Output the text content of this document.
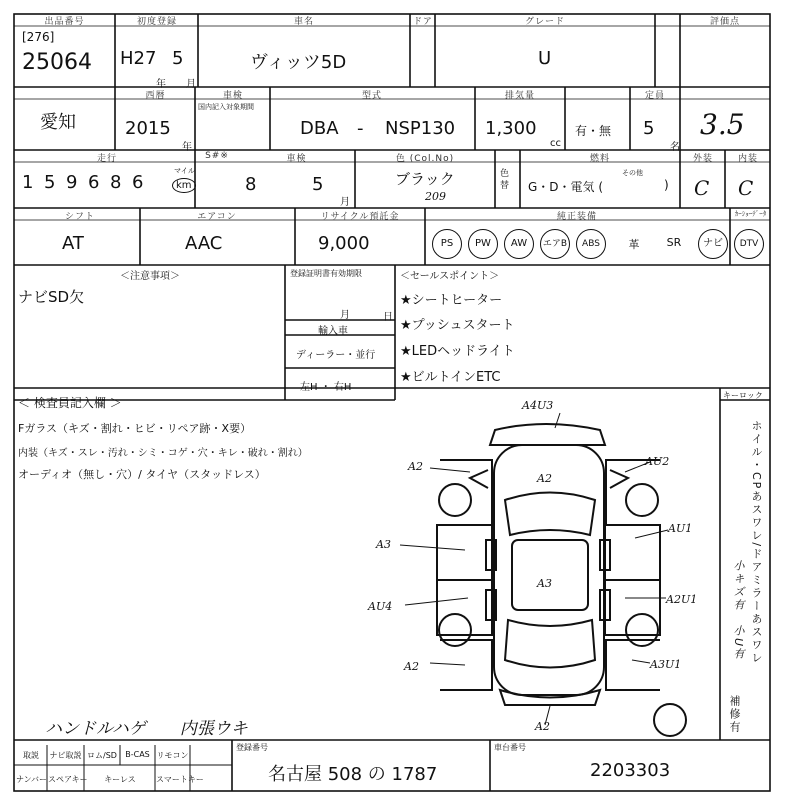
出品番号
[276]
25064
初度登録
H27 5
年 月
車名
ヴィッツ5D
ドア	グレード
U
評価点
愛知
西暦
2015
年
車検
国内記入対象期間
型式
DBA - NSP130
排気量
1,300
cc
有・無
定員
5
名
3.5
走行
1 5 9 6 8 6
マイル
km
S#※	車検
8	5
月
色 (Col.No)
ブラック
209
色替
燃料
G・D・電気 (
その他
)
外装	内装
C C
シフト
AT
エアコン
AAC
リサイクル預託金
9,000
純正装備	ｶｰｼｮｰﾃﾞｰﾀ
PS	PW	AW	エアB	ABS	革	SR	ナビ	DTV
＜注意事項＞
ナビSD欠
登録証明書有効期限
月	日
輸入車
ディーラー・並行
左H ・ 右H
＜セールスポイント＞
★シートヒーター
★プッシュスタート
★LEDヘッドライト
★ビルトインETC
＜ 検査員記入欄 ＞
Fガラス（キズ・割れ・ヒビ・リペア跡・X要）
内装（キズ・スレ・汚れ・シミ・コゲ・穴・キレ・破れ・割れ）
オーディオ（無し・穴）/ タイヤ（スタッドレス）
ハンドルハゲ　　内張ウキ
キーロック
ホイル・CPあスワレ/ドアミラーあスワレ
小キズ有　小U有
補修有
A4U3
A2	AU2
A2
AU1
A3
A3
AU4
A2U1
A2	A3U1
A2
取説	ナビ取説 ロム/SD	B-CAS リモコン
ナンバー スペアキー	キーレス	スマートキー
登録番号
名古屋 508 の 1787
車台番号
2203303
